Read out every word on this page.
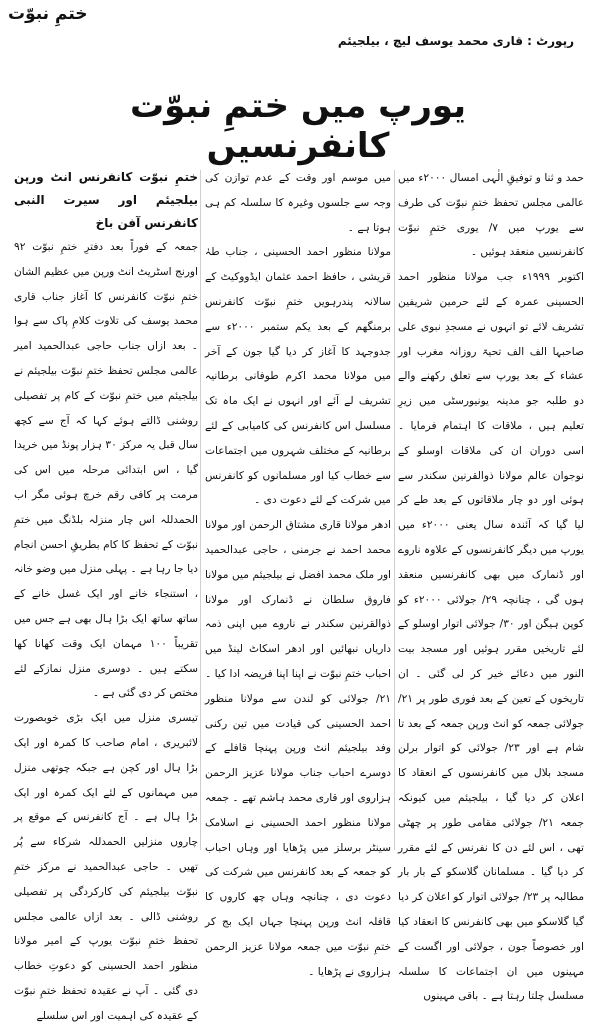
ختمِ نبوّت
رپورٹ : قاری محمد یوسف لیچ ، بیلجیئم
یورپ میں ختمِ نبوّت کانفرنسیں
حمد و ثنا و توفیقِ الٰہی امسال ۲۰۰۰ء میں عالمی مجلس تحفظ ختمِ نبوّت کی طرف سے یورپ میں ۷/ یوری ختمِ نبوّت کانفرنسیں منعقد ہوئیں ۔
اکتوبر ۱۹۹۹ء جب مولانا منظور احمد الحسینی عمرہ کے لئے حرمین شریفین تشریف لائے تو انہوں نے مسجدِ نبوی علی صاحبہا الف الف تحیۃ روزانہ مغرب اور عشاء کے بعد یورپ سے تعلق رکھنے والے دو طلبہ جو مدینہ یونیورسٹی میں زیرِ تعلیم ہیں ، ملاقات کا اہتمام فرمایا ۔ اسی دوران ان کی ملاقات اوسلو کے نوجوان عالم مولانا ذوالقرنین سکندر سے ہوئی اور دو چار ملاقاتوں کے بعد طے کر لیا گیا کہ آئندہ سال یعنی ۲۰۰۰ء میں یورپ میں دیگر کانفرنسوں کے علاوہ ناروے اور ڈنمارک میں بھی کانفرنسیں منعقد ہوں گی ، چنانچہ ۲۹/ جولائی ۲۰۰۰ء کو کوپن ہیگن اور ۳۰/ جولائی اتوار اوسلو کے لئے تاریخیں مقرر ہوئیں اور مسجد بیت النور میں دعائے خیر کر لی گئی ۔ ان تاریخوں کے تعین کے بعد فوری طور پر ۲۱/ جولائی جمعہ کو انٹ ورپن جمعہ کے بعد تا شام ہے اور ۲۳/ جولائی کو اتوار برلن مسجد بلال میں کانفرنسوں کے انعقاد کا اعلان کر دیا گیا ، بیلجیئم میں کیونکہ جمعہ ۲۱/ جولائی مقامی طور پر چھٹی تھی ، اس لئے دن کا نفرنس کے لئے مقرر کر دیا گیا ۔ مسلمانان گلاسکو کے بار بار مطالبہ پر ۲۳/ جولائی اتوار کو اعلان کر دیا گیا گلاسکو میں بھی کانفرنس کا انعقاد کیا اور خصوصاً جون ، جولائی اور اگست کے مہینوں میں ان اجتماعات کا سلسلہ مسلسل چلتا رہتا ہے ۔ باقی مہینوں
میں موسم اور وقت کے عدم توازن کی وجہ سے جلسوں وغیرہ کا سلسلہ کم ہی ہوتا ہے ۔
مولانا منظور احمد الحسینی ، جناب طہٰ قریشی ، حافظ احمد عثمان ایڈووکیٹ کے سالانہ پندرہویں ختمِ نبوّت کانفرنس برمنگھم کے بعد یکم ستمبر ۲۰۰۰ء سے جدوجہد کا آغاز کر دیا گیا جون کے آخر میں مولانا محمد اکرم طوفانی برطانیہ تشریف لے آئے اور انہوں نے ایک ماہ تک مسلسل اس کانفرنس کی کامیابی کے لئے برطانیہ کے مختلف شہروں میں اجتماعات سے خطاب کیا اور مسلمانوں کو کانفرنس میں شرکت کے لئے دعوت دی ۔
ادھر مولانا قاری مشتاق الرحمن اور مولانا محمد احمد نے جرمنی ، حاجی عبدالحمید اور ملک محمد افضل نے بیلجیئم میں مولانا فاروق سلطان نے ڈنمارک اور مولانا ذوالقرنین سکندر نے ناروے میں اپنی ذمہ داریاں نبھائیں اور ادھر اسکاٹ لینڈ میں احباب ختمِ نبوّت نے اپنا اپنا فریضہ ادا کیا ۔
۲۱/ جولائی کو لندن سے مولانا منظور احمد الحسینی کی قیادت میں تین رکنی وفد بیلجیئم انٹ ورپن پہنچا قافلے کے دوسرے احباب جناب مولانا عزیز الرحمن ہزاروی اور قاری محمد ہاشم تھے ۔ جمعہ مولانا منظور احمد الحسینی نے اسلامک سینٹر برسلز میں پڑھایا اور وہاں احباب کو جمعہ کے بعد کانفرنس میں شرکت کی دعوت دی ، چنانچہ وہاں چھ کاروں کا قافلہ انٹ ورپن پہنچا جہاں ایک بج کر ختمِ نبوّت میں جمعہ مولانا عزیز الرحمن ہزاروی نے پڑھایا ۔
ختمِ نبوّت کانفرنس انٹ ورپن بیلجیئم اور سیرت النبی کانفرنس آفن باخ
جمعہ کے فوراً بعد دفترِ ختمِ نبوّت ۹۲ اورنج اسٹریٹ انٹ ورپن میں عظیم الشان ختمِ نبوّت کانفرنس کا آغاز جناب قاری محمد یوسف کی تلاوت کلامِ پاک سے ہوا ۔ بعد ازاں جناب حاجی عبدالحمید امیر عالمی مجلس تحفظ ختمِ نبوّت بیلجیئم نے بیلجیئم میں ختمِ نبوّت کے کام پر تفصیلی روشنی ڈالتے ہوئے کہا کہ آج سے کچھ سال قبل یہ مرکز ۳۰ ہزار پونڈ میں خریدا گیا ، اس ابتدائی مرحلہ میں اس کی مرمت پر کافی رقم خرچ ہوئی مگر اب الحمدللہ اس چار منزلہ بلڈنگ میں ختمِ نبوّت کے تحفظ کا کام بطریقِ احسن انجام دیا جا رہا ہے ۔ پہلی منزل میں وضو خانہ ، استنجاء خانے اور ایک غسل خانے کے ساتھ ساتھ ایک بڑا ہال بھی ہے جس میں تقریباً ۱۰۰ مہمان ایک وقت کھانا کھا سکتے ہیں ۔ دوسری منزل نمازکے لئے مختص کر دی گئی ہے ۔
تیسری منزل میں ایک بڑی خوبصورت لائبریری ، امام صاحب کا کمرہ اور ایک بڑا ہال اور کچن ہے جبکہ چوتھی منزل میں مہمانوں کے لئے ایک کمرہ اور ایک بڑا ہال ہے ۔ آج کانفرنس کے موقع پر چاروں منزلیں الحمدللہ شرکاء سے پُر تھیں ۔ حاجی عبدالحمید نے مرکز ختمِ نبوّت بیلجیئم کی کارکردگی پر تفصیلی روشنی ڈالی ۔ بعد ازاں عالمی مجلس تحفظ ختمِ نبوّت یورپ کے امیر مولانا منظور احمد الحسینی کو دعوتِ خطاب دی گئی ۔ آپ نے عقیدہ تحفظ ختمِ نبوّت کے عقیدہ کی اہمیت اور اس سلسلے
